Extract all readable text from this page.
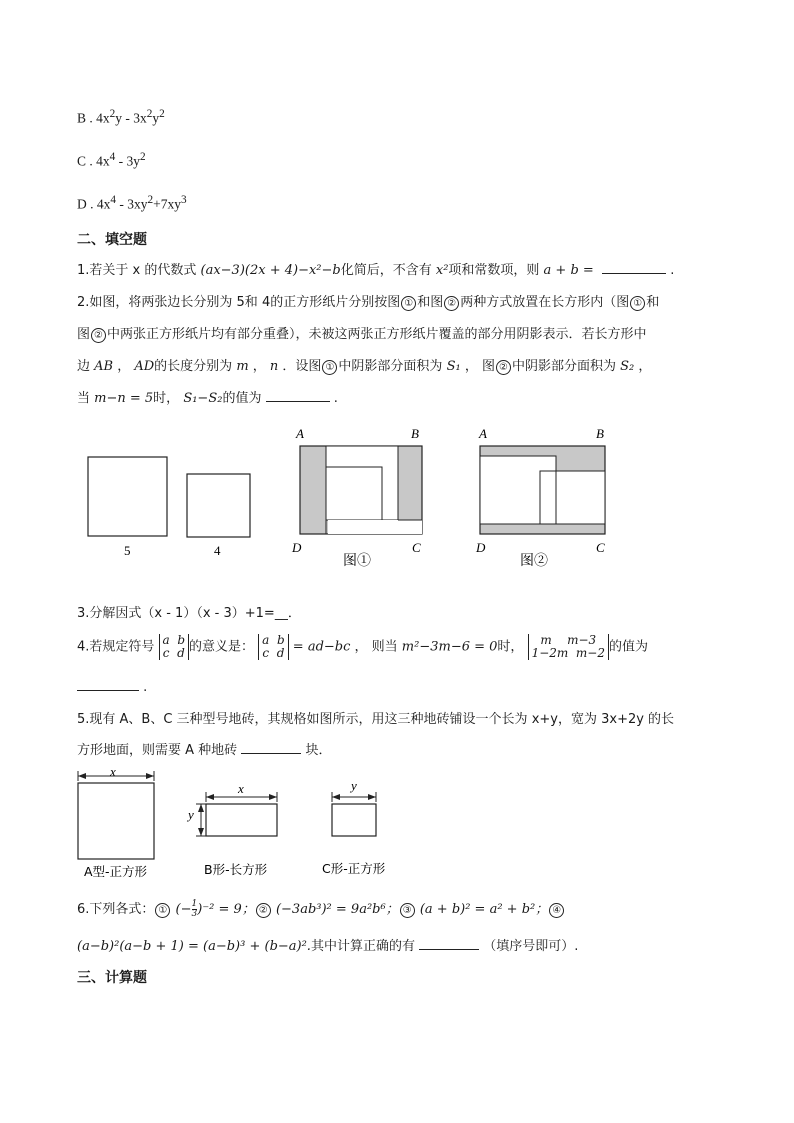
B . $4x^2y - 3x^2y^2$
C . $4x^4 - 3y^2$
D . $4x^4 - 3xy^2+7xy^3$
二、填空题
1.若关于 x 的代数式 (ax−3)(2x + 4)−x²−b化简后，不含有 x²项和常数项，则 a + b =	.
2.如图，将两张边长分别为 5和 4的正方形纸片分别按图 ① 和图 ② 两种方式放置在长方形内（图 ① 和
图 ② 中两张正方形纸片均有部分重叠），未被这两张正方形纸片覆盖的部分用阴影表示．若长方形中
边 AB ， AD的长度分别为 m ， n ．设图 ① 中阴影部分面积为 S₁ ， 图 ② 中阴影部分面积为 S₂ ，
当 m−n = 5时， S₁−S₂的值为	.
5	4
A	B
D	C
图①
A	B
D	C
图②
3.分解因式（x - 1）（x - 3）+1=__．
4.若规定符号 a b
c d 的意义是： a b
c d = ad−bc ， 则当 m²−3m−6 = 0时， m m−3
1−2m m−2 的值为
.
5.现有 A、B、C 三种型号地砖，其规格如图所示，用这三种地砖铺设一个长为 x+y，宽为 3x+2y 的长
方形地面，则需要 A 种地砖	块．
x
A型-正方形
x
y
B形-长方形
y
C形-正方形
6.下列各式： ① (− $\frac{1}{3} )^{-2} = 9$； ② (−3ab³)² = 9a²b⁶； ③ (a + b)² = a² + b²； ④
(a−b)²(a−b + 1) = (a−b)³ + (b−a)².其中计算正确的有	（填序号即可）.
三、计算题
